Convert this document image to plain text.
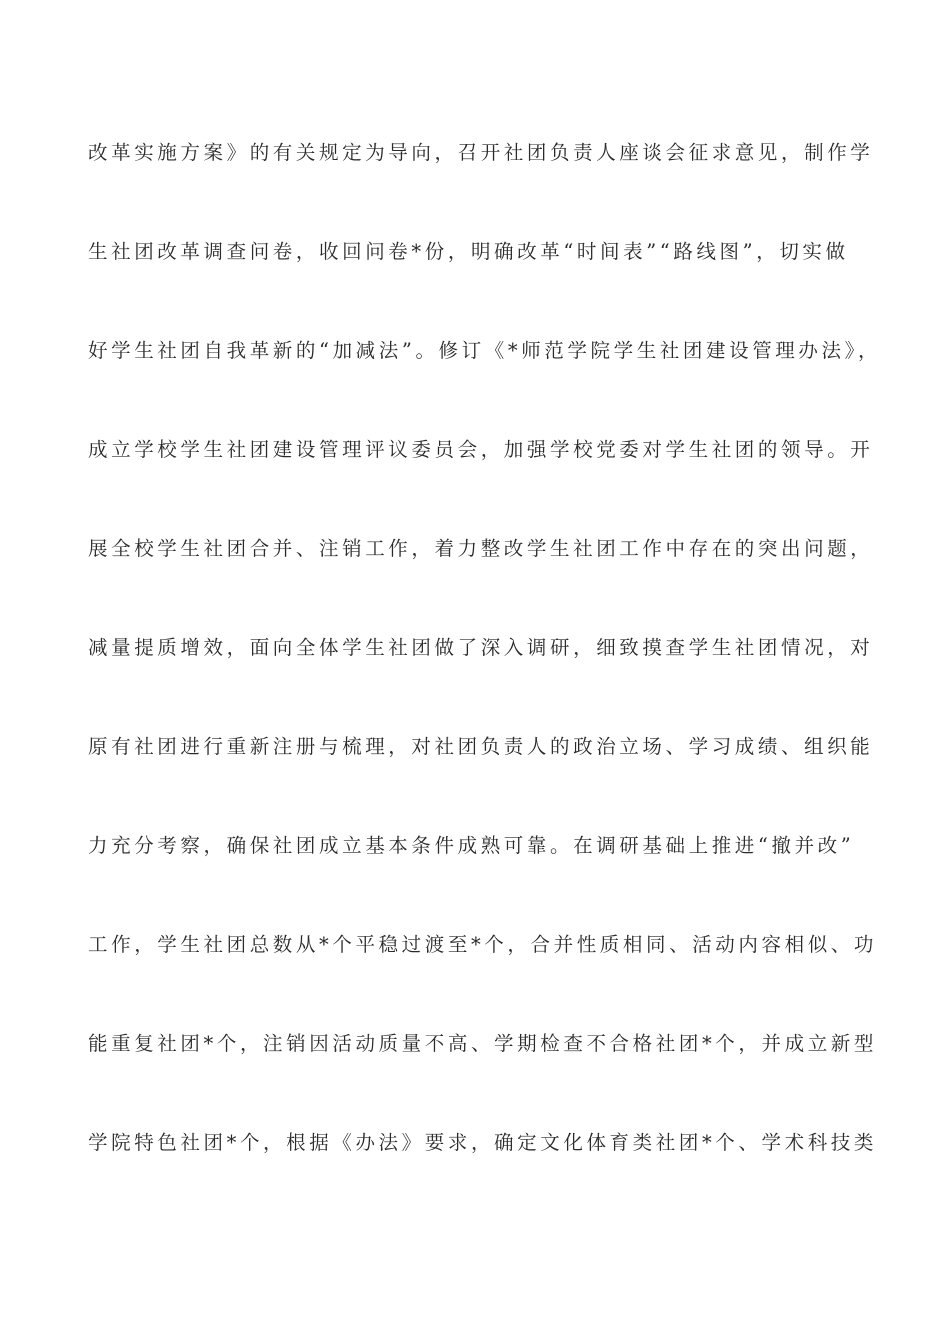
改革实施方案》的有关规定为导向，召开社团负责人座谈会征求意见，制作学
生社团改革调查问卷，收回问卷*份，明确改革“时间表”“路线图”，切实做
好学生社团自我革新的“加减法”。修订《*师范学院学生社团建设管理办法》，
成立学校学生社团建设管理评议委员会，加强学校党委对学生社团的领导。开
展全校学生社团合并、注销工作，着力整改学生社团工作中存在的突出问题，
减量提质增效，面向全体学生社团做了深入调研，细致摸查学生社团情况，对
原有社团进行重新注册与梳理，对社团负责人的政治立场、学习成绩、组织能
力充分考察，确保社团成立基本条件成熟可靠。在调研基础上推进“撤并改”
工作，学生社团总数从*个平稳过渡至*个，合并性质相同、活动内容相似、功
能重复社团*个，注销因活动质量不高、学期检查不合格社团*个，并成立新型
学院特色社团*个，根据《办法》要求，确定文化体育类社团*个、学术科技类
